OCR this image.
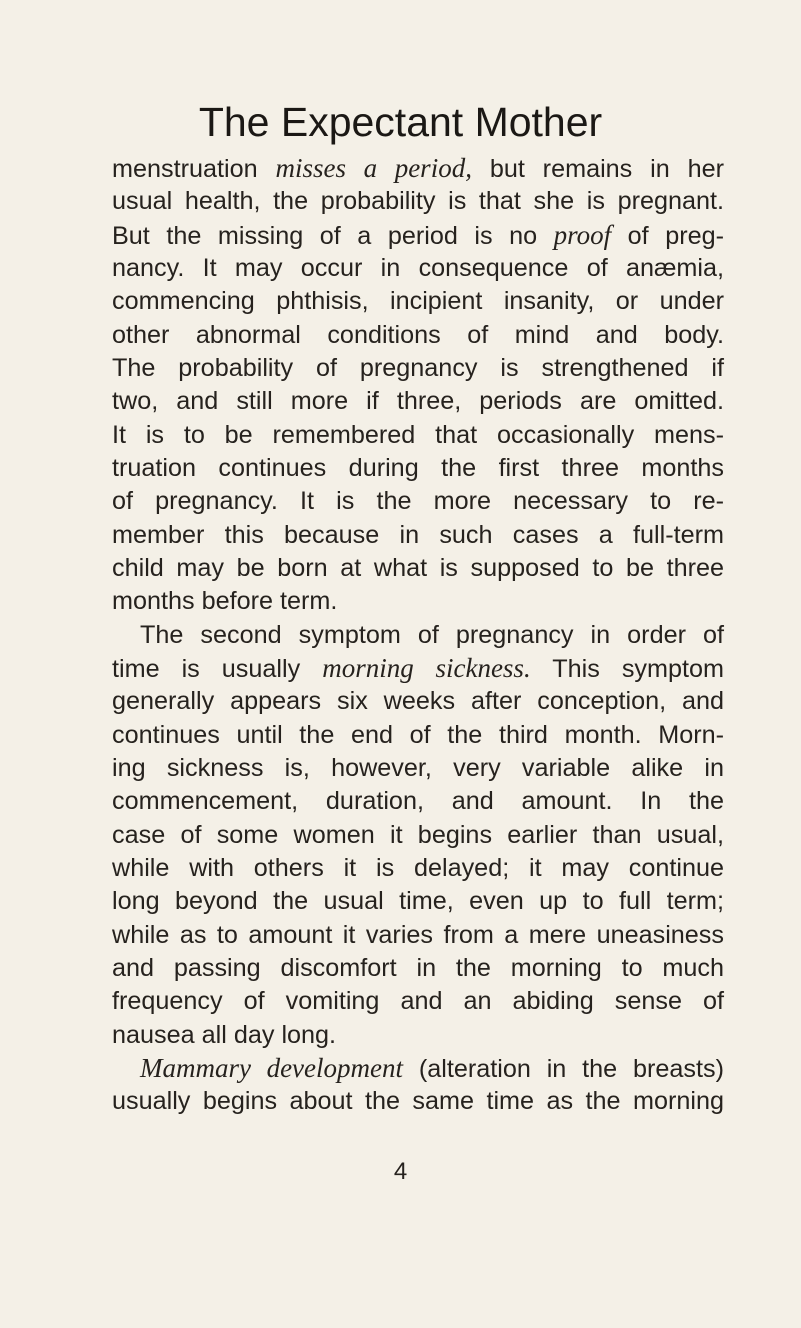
The Expectant Mother
menstruation misses a period, but remains in her
usual health, the probability is that she is pregnant.
But the missing of a period is no proof of preg-
nancy. It may occur in consequence of anæmia,
commencing phthisis, incipient insanity, or under
other abnormal conditions of mind and body.
The probability of pregnancy is strengthened if
two, and still more if three, periods are omitted.
It is to be remembered that occasionally mens-
truation continues during the first three months
of pregnancy. It is the more necessary to re-
member this because in such cases a full-term
child may be born at what is supposed to be three
months before term.
The second symptom of pregnancy in order of
time is usually morning sickness. This symptom
generally appears six weeks after conception, and
continues until the end of the third month. Morn-
ing sickness is, however, very variable alike in
commencement, duration, and amount. In the
case of some women it begins earlier than usual,
while with others it is delayed; it may continue
long beyond the usual time, even up to full term;
while as to amount it varies from a mere uneasiness
and passing discomfort in the morning to much
frequency of vomiting and an abiding sense of
nausea all day long.
Mammary development (alteration in the breasts)
usually begins about the same time as the morning
4
